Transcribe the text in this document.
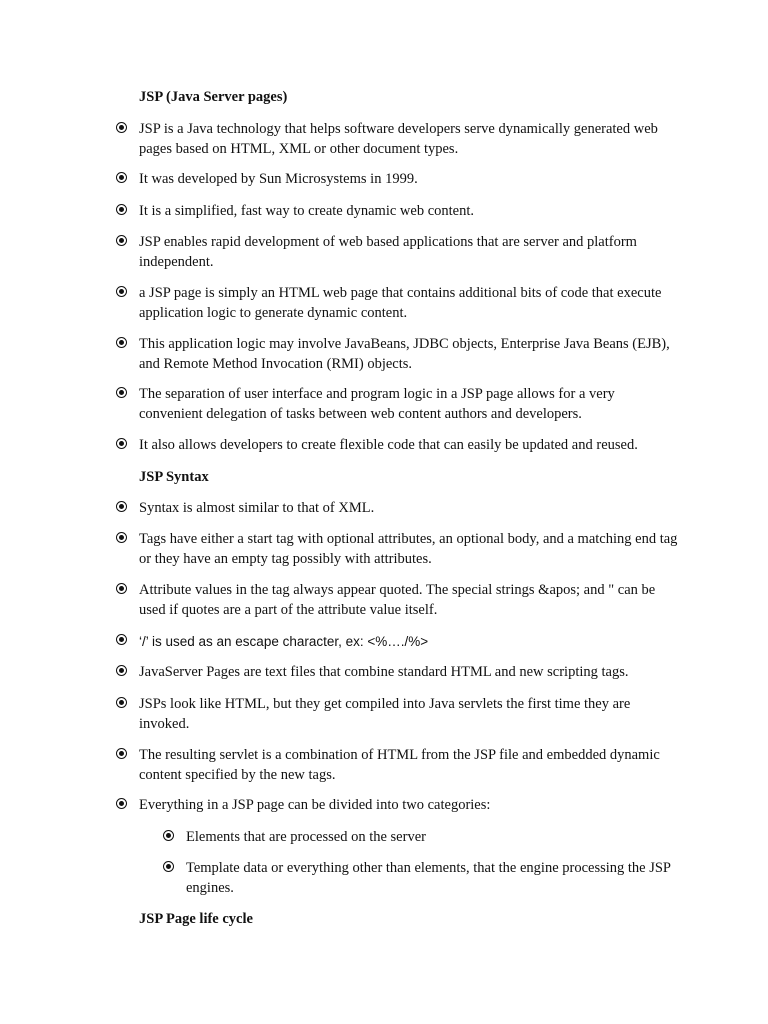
JSP (Java Server pages)
JSP is a Java technology that helps software developers serve dynamically generated web pages based on HTML, XML or other document types.
It was developed by Sun Microsystems in 1999.
It is a simplified, fast way to create dynamic web content.
JSP enables rapid development of web based applications that are server and platform independent.
a JSP page is simply an HTML web page that contains additional bits of code that execute application logic to generate dynamic content.
This application logic may involve JavaBeans, JDBC objects, Enterprise Java Beans (EJB), and Remote Method Invocation (RMI) objects.
The separation of user interface and program logic in a JSP page allows for a very convenient delegation of tasks between web content authors and developers.
It also allows developers to create flexible code that can easily be updated and reused.
JSP Syntax
Syntax is almost similar to that of XML.
Tags have either a start tag with optional attributes, an optional body, and a matching end tag or they have an empty tag possibly with attributes.
Attribute values in the tag always appear quoted. The special strings &apos; and " can be used if quotes are a part of the attribute value itself.
‘/’ is used as an escape character, ex: <%…./%>
JavaServer Pages are text files that combine standard HTML and new scripting tags.
JSPs look like HTML, but they get compiled into Java servlets the first time they are invoked.
The resulting servlet is a combination of HTML from the JSP file and embedded dynamic content specified by the new tags.
Everything in a JSP page can be divided into two categories:
Elements that are processed on the server
Template data or everything other than elements, that the engine processing the JSP engines.
JSP Page life cycle
